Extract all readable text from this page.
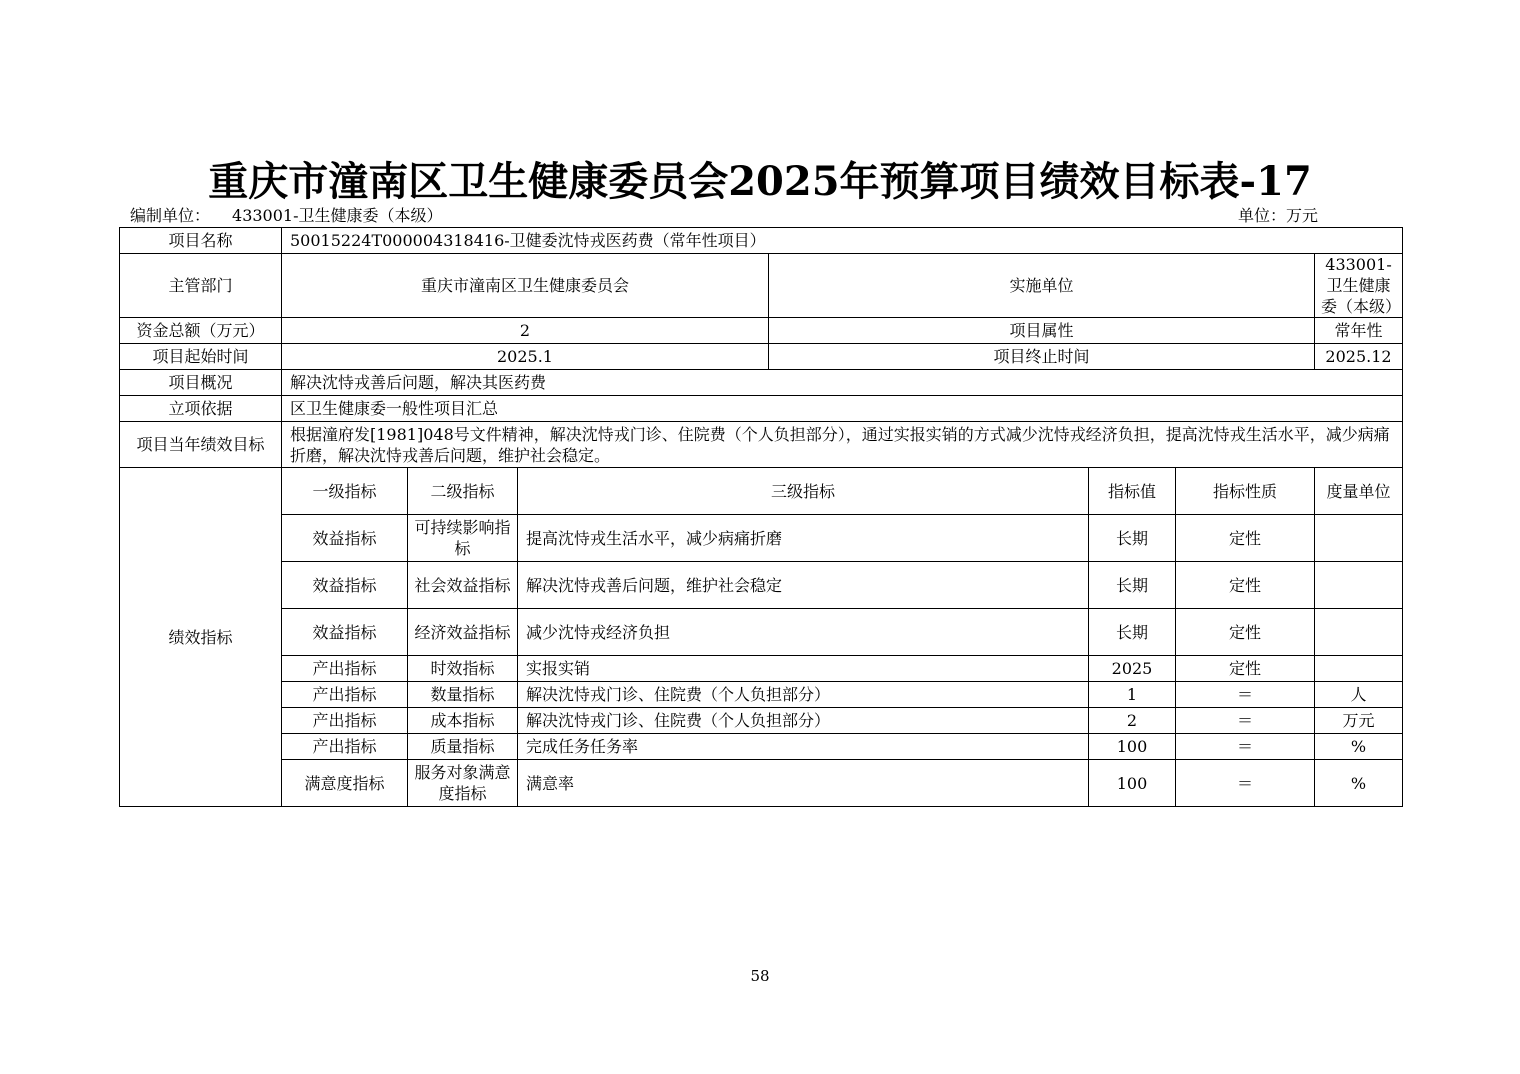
重庆市潼南区卫生健康委员会2025年预算项目绩效目标表-17
编制单位： 433001-卫生健康委（本级）	单位：万元
项目名称	50015224T000004318416-卫健委沈恃戎医药费（常年性项目）						
主管部门	重庆市潼南区卫生健康委员会			实施单位			433001-卫生健康委（本级）
资金总额（万元）	2			项目属性			常年性
项目起始时间	2025.1			项目终止时间			2025.12
项目概况	解决沈恃戎善后问题，解决其医药费						
立项依据	区卫生健康委一般性项目汇总						
项目当年绩效目标	根据潼府发[1981]048号文件精神，解决沈恃戎门诊、住院费（个人负担部分），通过实报实销的方式减少沈恃戎经济负担，提高沈恃戎生活水平，减少病痛折磨，解决沈恃戎善后问题，维护社会稳定。						
绩效指标	一级指标	二级指标	三级指标		指标值	指标性质	度量单位
	效益指标	可持续影响指标	提高沈恃戎生活水平，减少病痛折磨		长期	定性	
	效益指标	社会效益指标	解决沈恃戎善后问题，维护社会稳定		长期	定性	
	效益指标	经济效益指标	减少沈恃戎经济负担		长期	定性	
	产出指标	时效指标	实报实销		2025	定性	
	产出指标	数量指标	解决沈恃戎门诊、住院费（个人负担部分）		1	＝	人
	产出指标	成本指标	解决沈恃戎门诊、住院费（个人负担部分）		2	＝	万元
	产出指标	质量指标	完成任务任务率		100	＝	%
	满意度指标	服务对象满意度指标	满意率		100	＝	%
58
